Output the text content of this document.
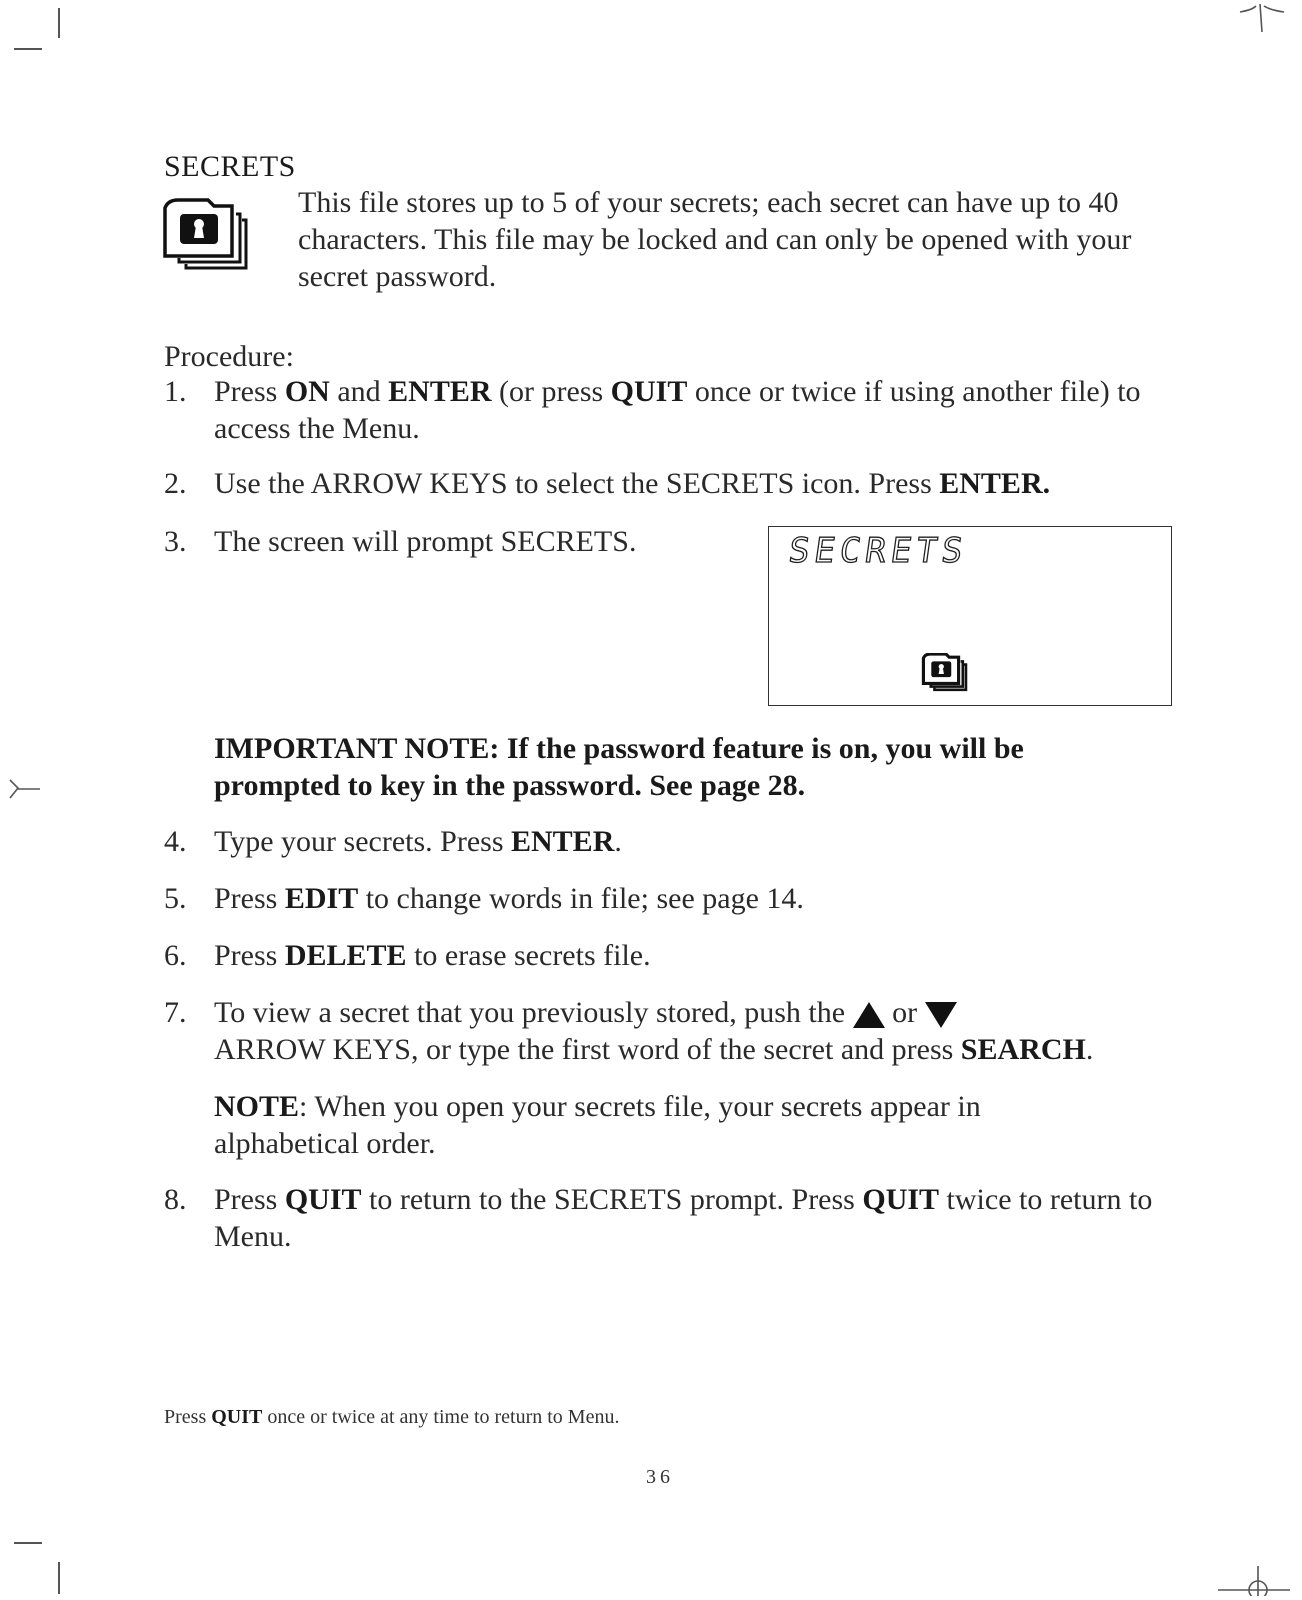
SECRETS
This file stores up to 5 of your secrets; each secret can have up to 40 characters. This file may be locked and can only be opened with your secret password.
Procedure:
1. Press ON and ENTER (or press QUIT once or twice if using another file) to access the Menu.
2. Use the ARROW KEYS to select the SECRETS icon. Press ENTER.
3. The screen will prompt SECRETS.	SECRETS
IMPORTANT NOTE: If the password feature is on, you will be prompted to key in the password. See page 28.
4. Type your secrets. Press ENTER.
5. Press EDIT to change words in file; see page 14.
6. Press DELETE to erase secrets file.
7. To view a secret that you previously stored, push the or
ARROW KEYS, or type the first word of the secret and press SEARCH.
NOTE: When you open your secrets file, your secrets appear in alphabetical order.
8. Press QUIT to return to the SECRETS prompt. Press QUIT twice to return to Menu.
Press QUIT once or twice at any time to return to Menu.
36
